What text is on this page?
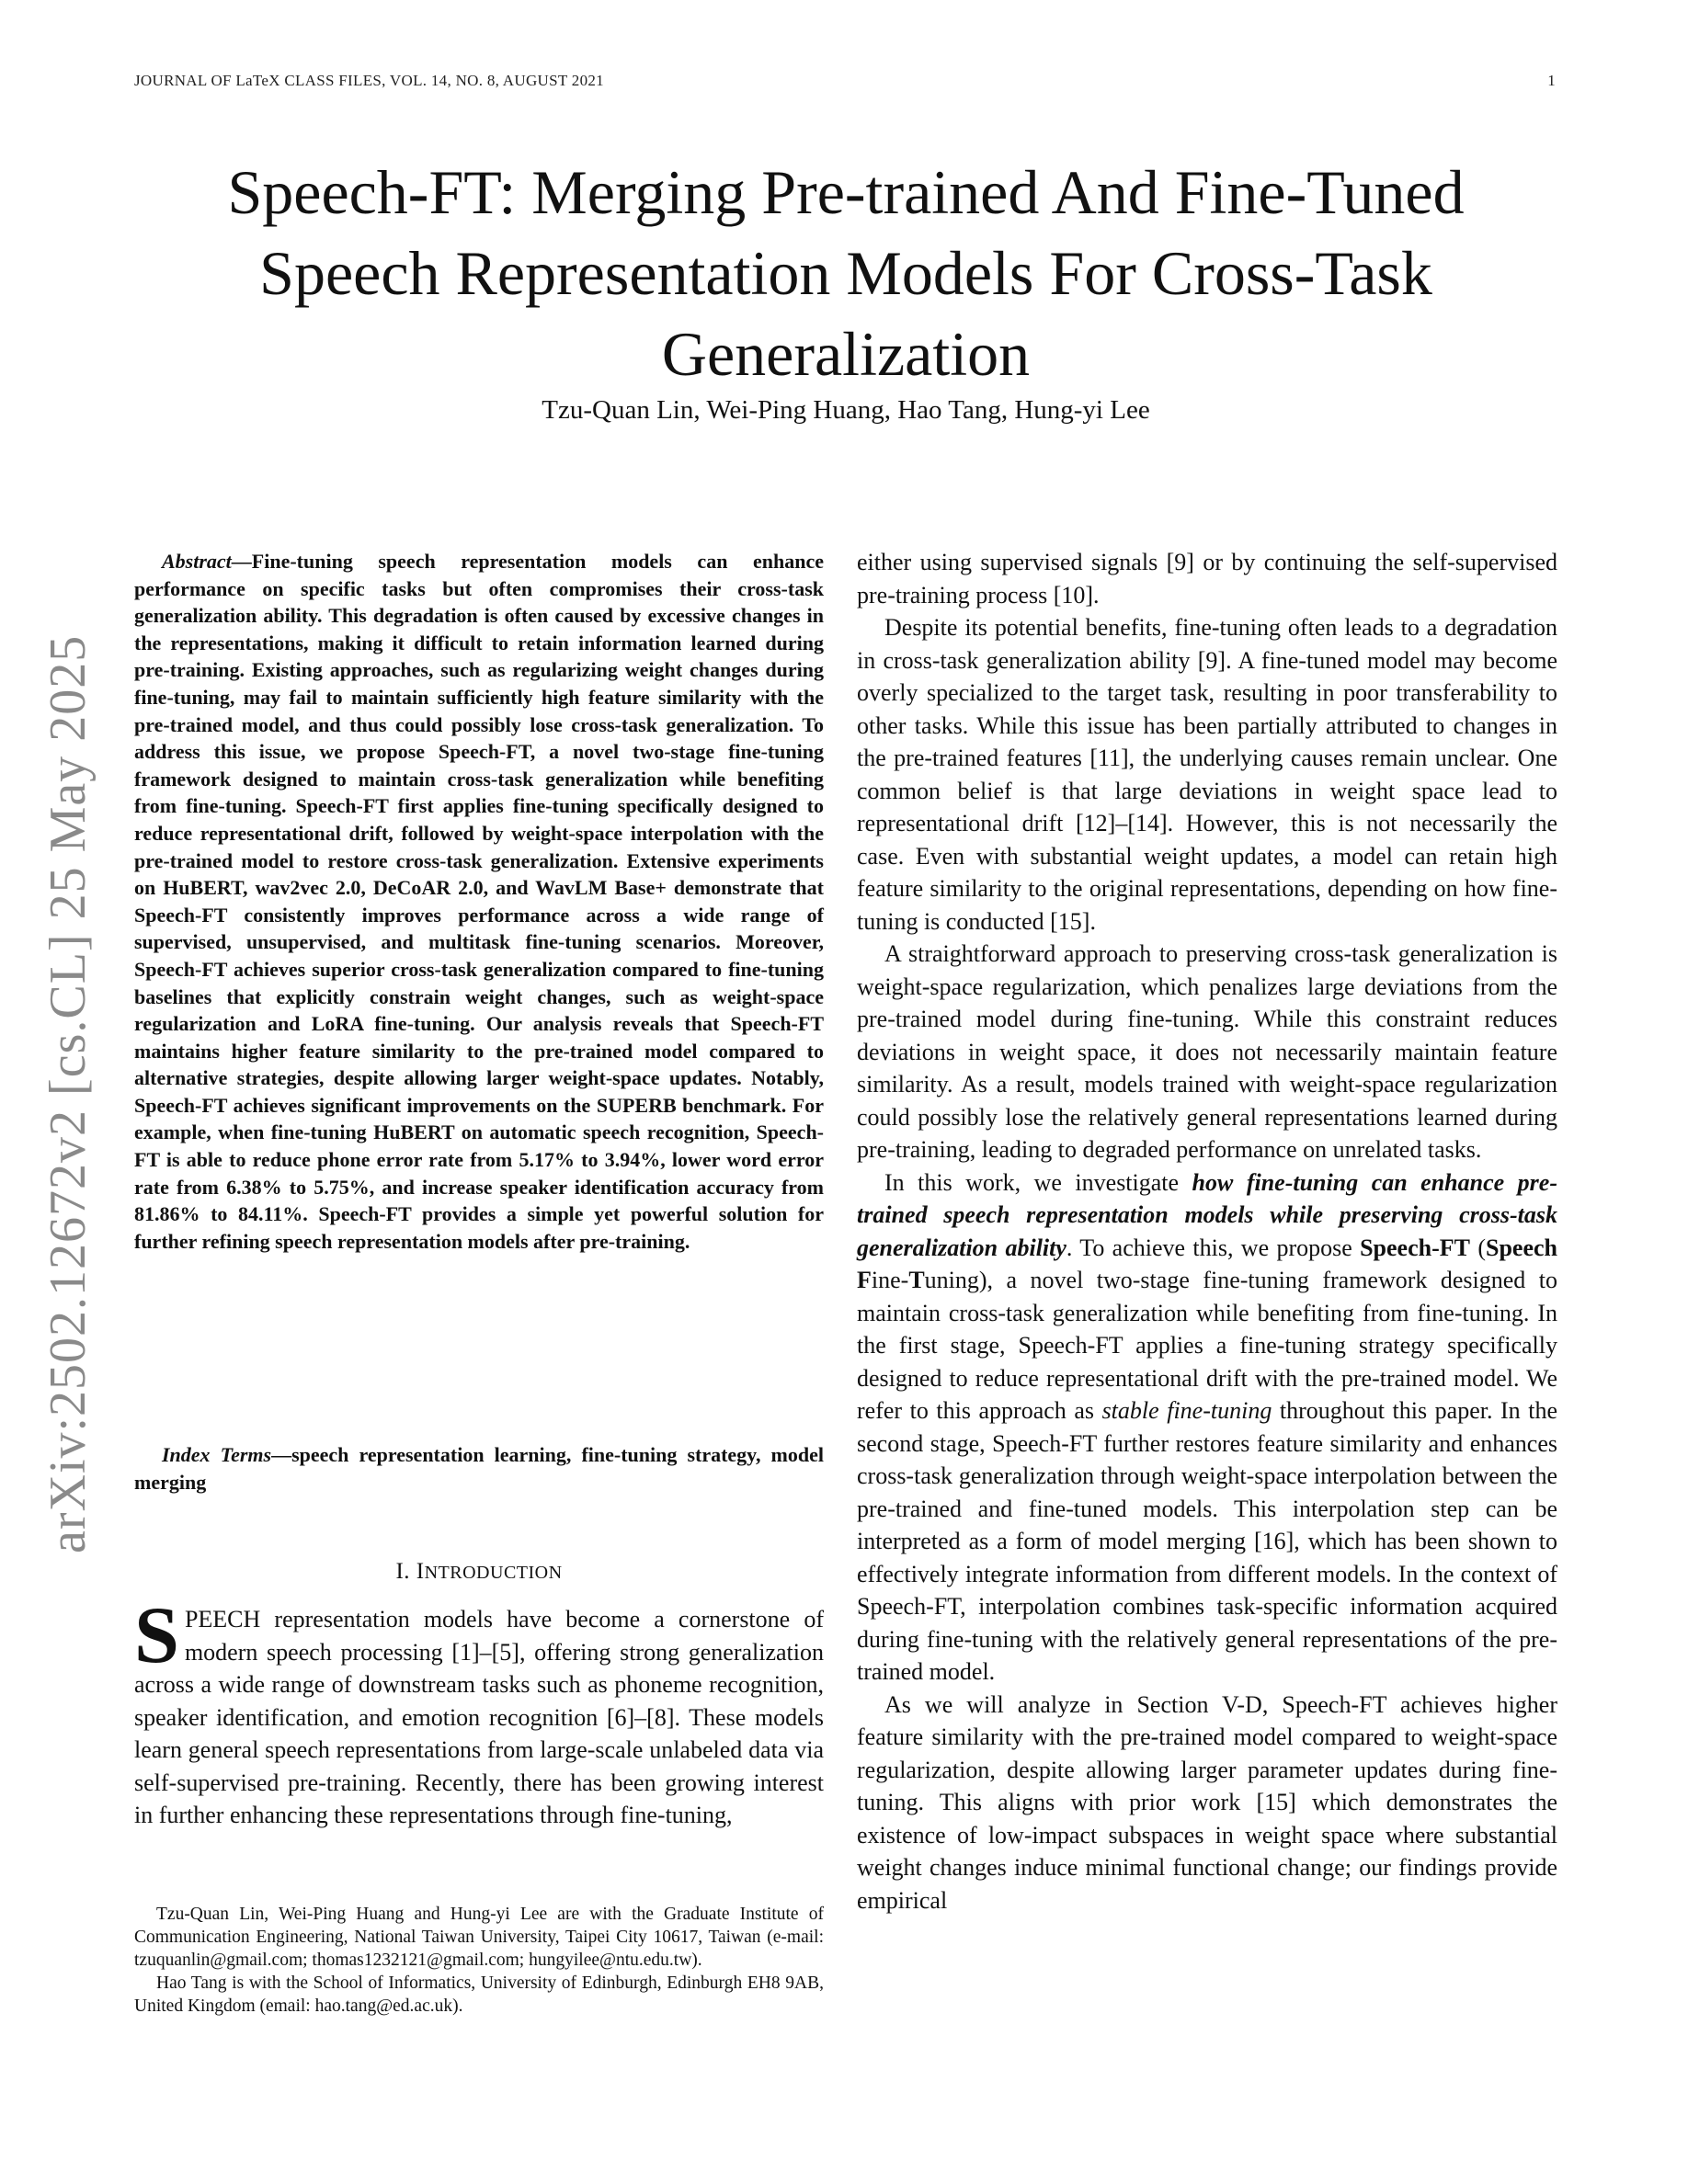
JOURNAL OF LaTeX CLASS FILES, VOL. 14, NO. 8, AUGUST 2021	1
arXiv:2502.12672v2 [cs.CL] 25 May 2025
Speech-FT: Merging Pre-trained And Fine-Tuned Speech Representation Models For Cross-Task Generalization
Tzu-Quan Lin, Wei-Ping Huang, Hao Tang, Hung-yi Lee

Abstract—Fine-tuning speech representation models can enhance performance on specific tasks but often compromises their cross-task generalization ability. This degradation is often caused by excessive changes in the representations, making it difficult to retain information learned during pre-training. Existing approaches, such as regularizing weight changes during fine-tuning, may fail to maintain sufficiently high feature similarity with the pre-trained model, and thus could possibly lose cross-task generalization. To address this issue, we propose Speech-FT, a novel two-stage fine-tuning framework designed to maintain cross-task generalization while benefiting from fine-tuning. Speech-FT first applies fine-tuning specifically designed to reduce representational drift, followed by weight-space interpolation with the pre-trained model to restore cross-task generalization. Extensive experiments on HuBERT, wav2vec 2.0, DeCoAR 2.0, and WavLM Base+ demonstrate that Speech-FT consistently improves performance across a wide range of supervised, unsupervised, and multitask fine-tuning scenarios. Moreover, Speech-FT achieves superior cross-task generalization compared to fine-tuning baselines that explicitly constrain weight changes, such as weight-space regularization and LoRA fine-tuning. Our analysis reveals that Speech-FT maintains higher feature similarity to the pre-trained model compared to alternative strategies, despite allowing larger weight-space updates. Notably, Speech-FT achieves significant improvements on the SUPERB benchmark. For example, when fine-tuning HuBERT on automatic speech recognition, Speech-FT is able to reduce phone error rate from 5.17% to 3.94%, lower word error rate from 6.38% to 5.75%, and increase speaker identification accuracy from 81.86% to 84.11%. Speech-FT provides a simple yet powerful solution for further refining speech representation models after pre-training.

Index Terms—speech representation learning, fine-tuning strategy, model merging

I. INTRODUCTION

SPEECH representation models have become a cornerstone of modern speech processing [1]–[5], offering strong generalization across a wide range of downstream tasks such as phoneme recognition, speaker identification, and emotion recognition [6]–[8]. These models learn general speech representations from large-scale unlabeled data via self-supervised pre-training. Recently, there has been growing interest in further enhancing these representations through fine-tuning,

Tzu-Quan Lin, Wei-Ping Huang and Hung-yi Lee are with the Graduate Institute of Communication Engineering, National Taiwan University, Taipei City 10617, Taiwan (e-mail: tzuquanlin@gmail.com; thomas1232121@gmail.com; hungyilee@ntu.edu.tw).

Hao Tang is with the School of Informatics, University of Edinburgh, Edinburgh EH8 9AB, United Kingdom (email: hao.tang@ed.ac.uk).

either using supervised signals [9] or by continuing the self-supervised pre-training process [10].

Despite its potential benefits, fine-tuning often leads to a degradation in cross-task generalization ability [9]. A fine-tuned model may become overly specialized to the target task, resulting in poor transferability to other tasks. While this issue has been partially attributed to changes in the pre-trained features [11], the underlying causes remain unclear. One common belief is that large deviations in weight space lead to representational drift [12]–[14]. However, this is not necessarily the case. Even with substantial weight updates, a model can retain high feature similarity to the original representations, depending on how fine-tuning is conducted [15].

A straightforward approach to preserving cross-task generalization is weight-space regularization, which penalizes large deviations from the pre-trained model during fine-tuning. While this constraint reduces deviations in weight space, it does not necessarily maintain feature similarity. As a result, models trained with weight-space regularization could possibly lose the relatively general representations learned during pre-training, leading to degraded performance on unrelated tasks.

In this work, we investigate how fine-tuning can enhance pre-trained speech representation models while preserving cross-task generalization ability. To achieve this, we propose Speech-FT (Speech Fine-Tuning), a novel two-stage fine-tuning framework designed to maintain cross-task generalization while benefiting from fine-tuning. In the first stage, Speech-FT applies a fine-tuning strategy specifically designed to reduce representational drift with the pre-trained model. We refer to this approach as stable fine-tuning throughout this paper. In the second stage, Speech-FT further restores feature similarity and enhances cross-task generalization through weight-space interpolation between the pre-trained and fine-tuned models. This interpolation step can be interpreted as a form of model merging [16], which has been shown to effectively integrate information from different models. In the context of Speech-FT, interpolation combines task-specific information acquired during fine-tuning with the relatively general representations of the pre-trained model.

As we will analyze in Section V-D, Speech-FT achieves higher feature similarity with the pre-trained model compared to weight-space regularization, despite allowing larger parameter updates during fine-tuning. This aligns with prior work [15] which demonstrates the existence of low-impact subspaces in weight space where substantial weight changes induce minimal functional change; our findings provide empirical
